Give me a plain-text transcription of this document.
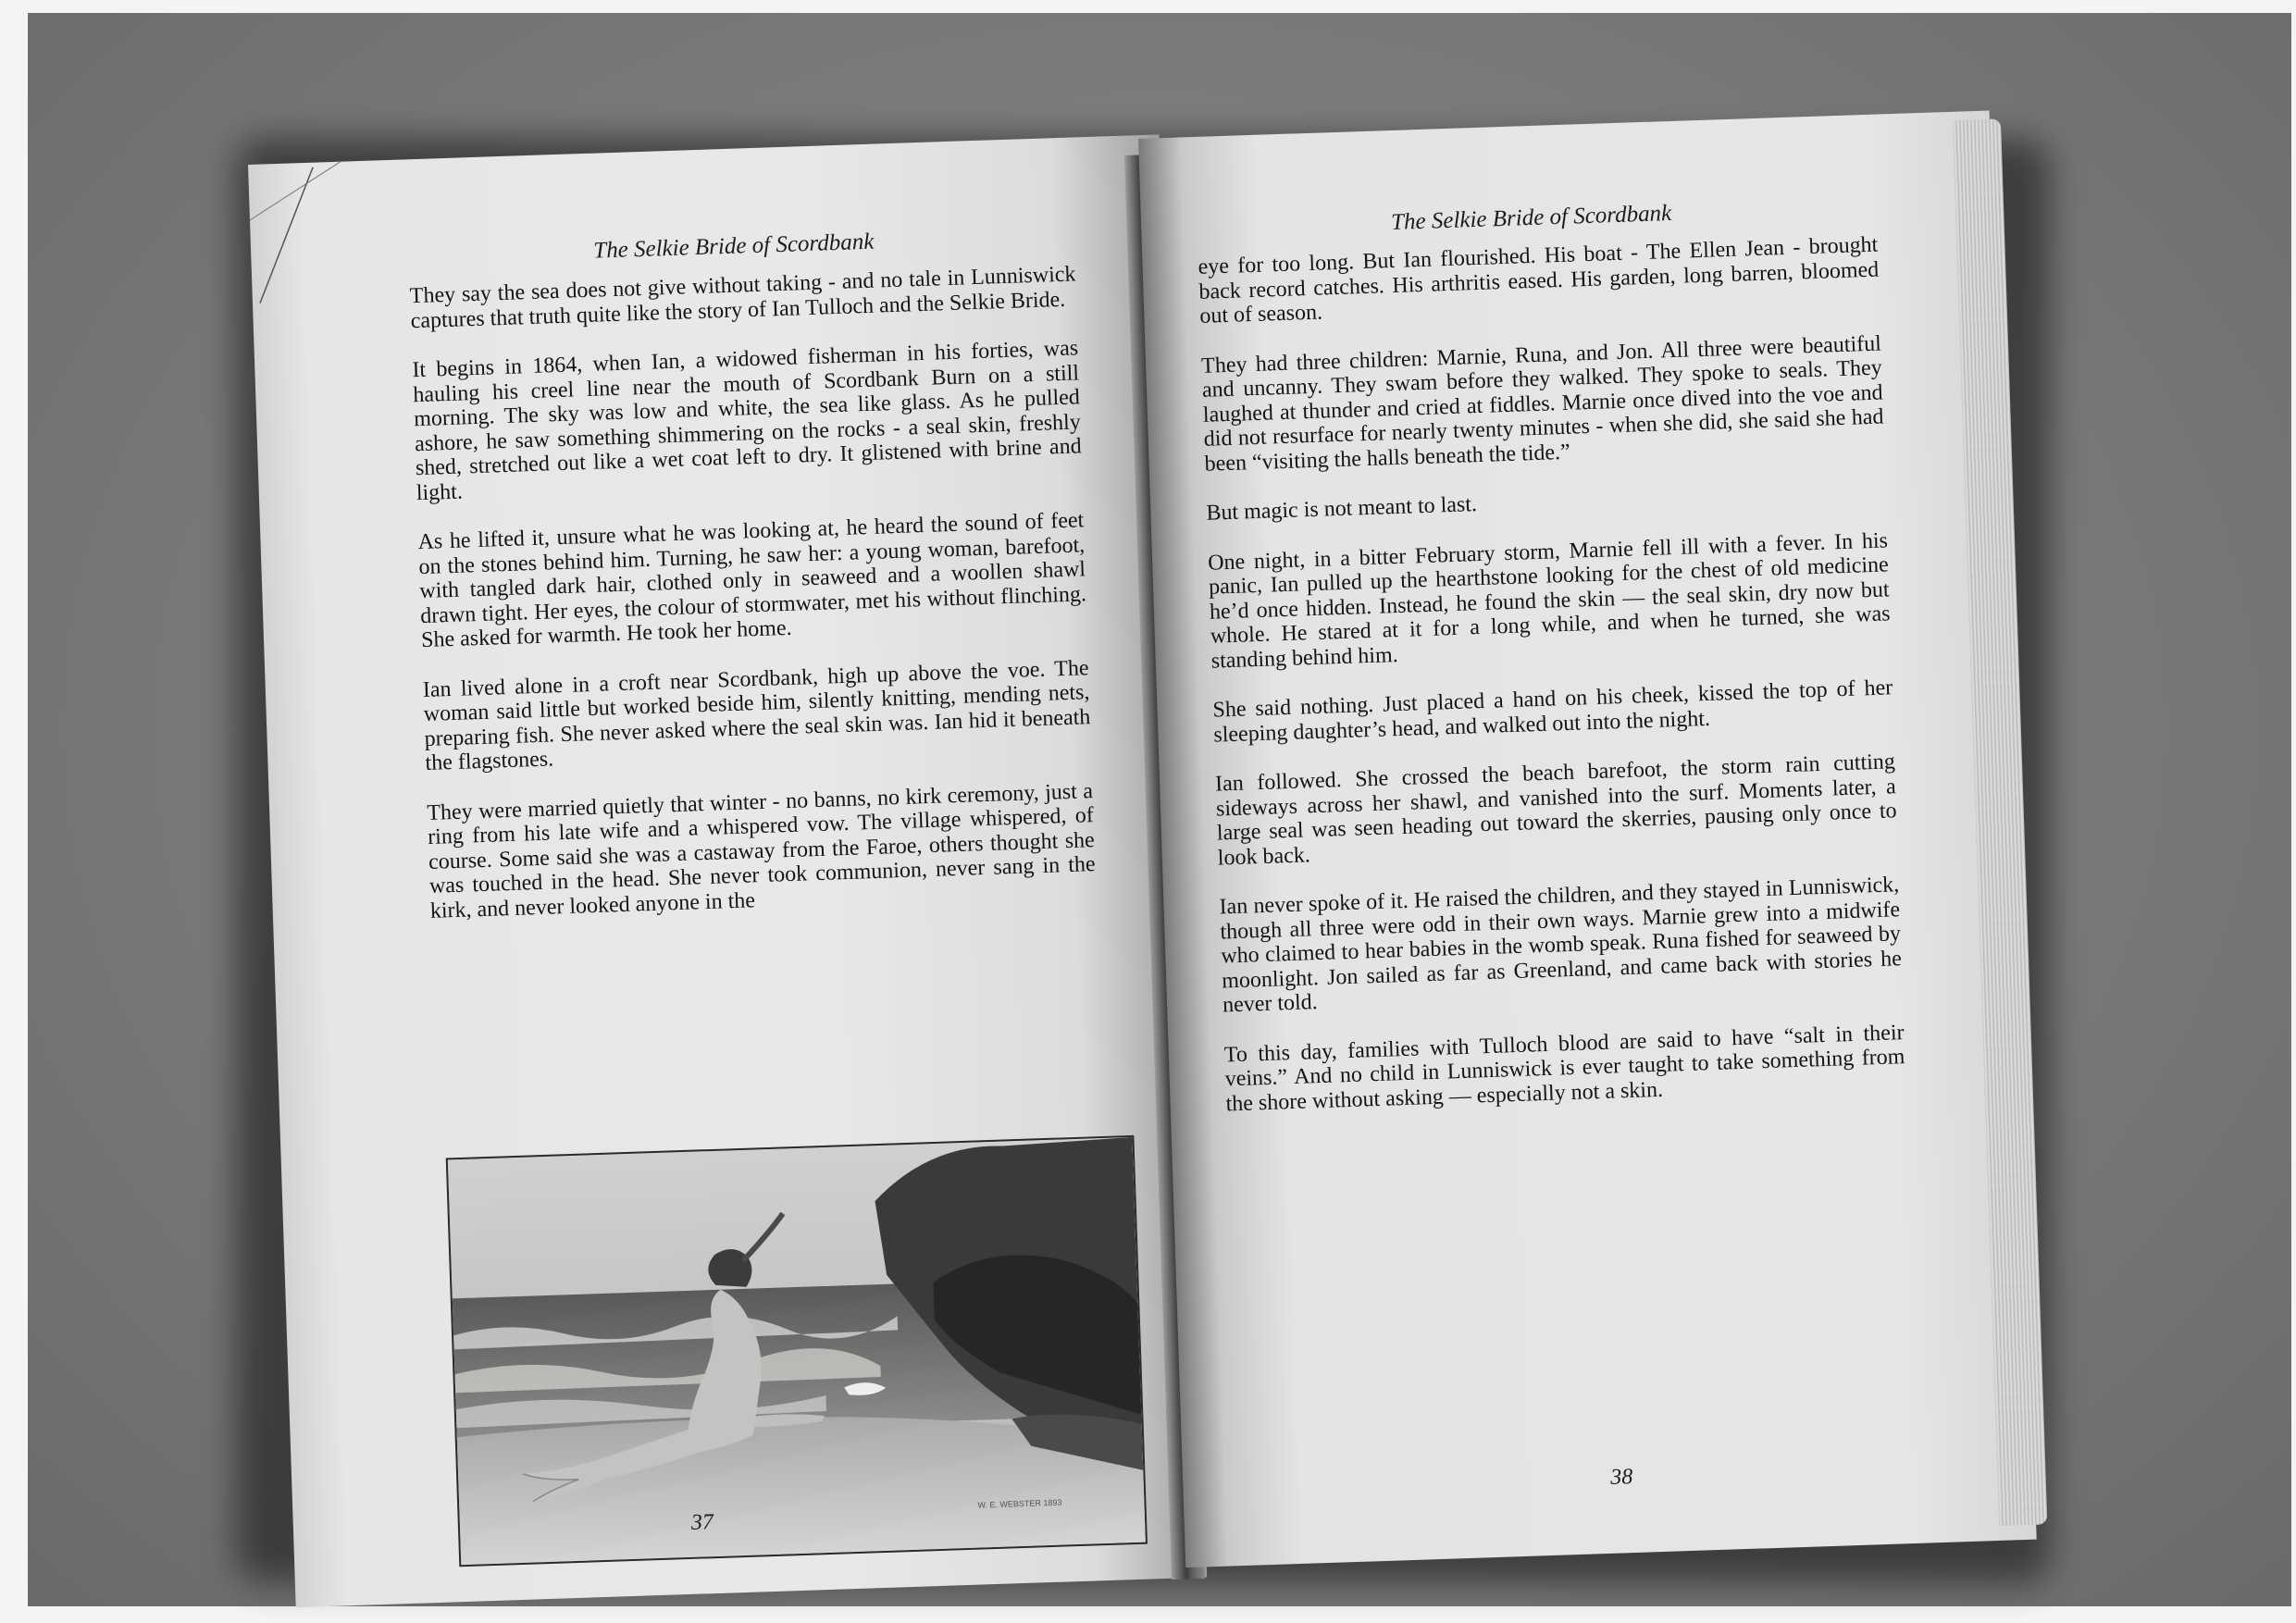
The Selkie Bride of Scordbank

They say the sea does not give without taking - and no tale in Lunniswick captures that truth quite like the story of Ian Tulloch and the Selkie Bride.

It begins in 1864, when Ian, a widowed fisherman in his forties, was hauling his creel line near the mouth of Scordbank Burn on a still morning. The sky was low and white, the sea like glass. As he pulled ashore, he saw something shimmering on the rocks - a seal skin, freshly shed, stretched out like a wet coat left to dry. It glistened with brine and light.

As he lifted it, unsure what he was looking at, he heard the sound of feet on the stones behind him. Turning, he saw her: a young woman, barefoot, with tangled dark hair, clothed only in seaweed and a woollen shawl drawn tight. Her eyes, the colour of stormwater, met his without flinching. She asked for warmth. He took her home.

Ian lived alone in a croft near Scordbank, high up above the voe. The woman said little but worked beside him, silently knitting, mending nets, preparing fish. She never asked where the seal skin was. Ian hid it beneath the flagstones.

They were married quietly that winter - no banns, no kirk ceremony, just a ring from his late wife and a whispered vow. The village whispered, of course. Some said she was a castaway from the Faroe, others thought she was touched in the head. She never took communion, never sang in the kirk, and never looked anyone in the

W. E. WEBSTER 1893
37
The Selkie Bride of Scordbank

eye for too long. But Ian flourished. His boat - The Ellen Jean - brought back record catches. His arthritis eased. His garden, long barren, bloomed out of season.

They had three children: Marnie, Runa, and Jon. All three were beautiful and uncanny. They swam before they walked. They spoke to seals. They laughed at thunder and cried at fiddles. Marnie once dived into the voe and did not resurface for nearly twenty minutes - when she did, she said she had been “visiting the halls beneath the tide.”

But magic is not meant to last.

One night, in a bitter February storm, Marnie fell ill with a fever. In his panic, Ian pulled up the hearthstone looking for the chest of old medicine he’d once hidden. Instead, he found the skin — the seal skin, dry now but whole. He stared at it for a long while, and when he turned, she was standing behind him.

She said nothing. Just placed a hand on his cheek, kissed the top of her sleeping daughter’s head, and walked out into the night.

Ian followed. She crossed the beach barefoot, the storm rain cutting sideways across her shawl, and vanished into the surf. Moments later, a large seal was seen heading out toward the skerries, pausing only once to look back.

Ian never spoke of it. He raised the children, and they stayed in Lunniswick, though all three were odd in their own ways. Marnie grew into a midwife who claimed to hear babies in the womb speak. Runa fished for seaweed by moonlight. Jon sailed as far as Greenland, and came back with stories he never told.

To this day, families with Tulloch blood are said to have “salt in their veins.” And no child in Lunniswick is ever taught to take something from the shore without asking — especially not a skin.

38
